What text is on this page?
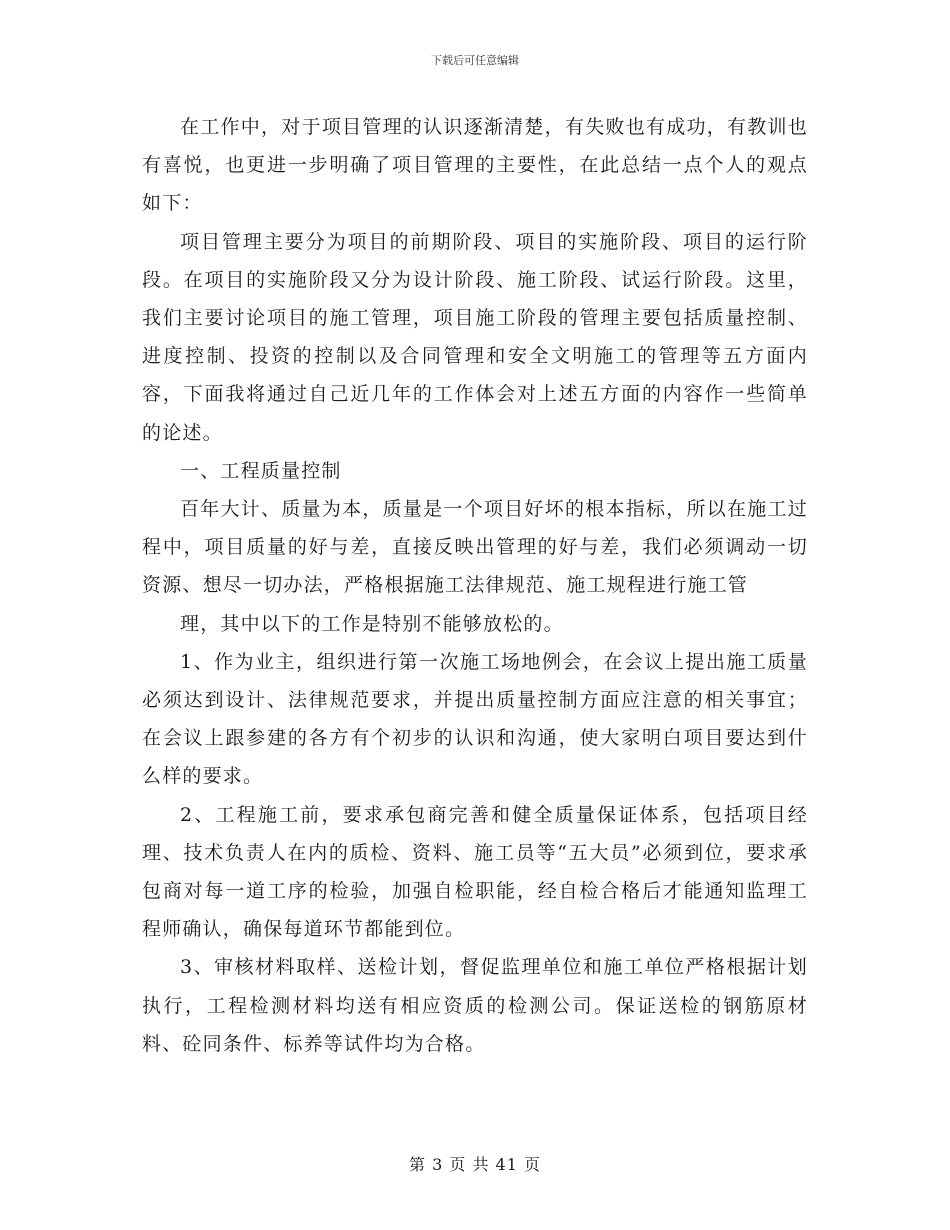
下载后可任意编辑

在工作中，对于项目管理的认识逐渐清楚，有失败也有成功，有教训也有喜悦，也更进一步明确了项目管理的主要性，在此总结一点个人的观点如下：

项目管理主要分为项目的前期阶段、项目的实施阶段、项目的运行阶段。在项目的实施阶段又分为设计阶段、施工阶段、试运行阶段。这里，我们主要讨论项目的施工管理，项目施工阶段的管理主要包括质量控制、进度控制、投资的控制以及合同管理和安全文明施工的管理等五方面内容，下面我将通过自己近几年的工作体会对上述五方面的内容作一些简单的论述。

一、工程质量控制

百年大计、质量为本，质量是一个项目好坏的根本指标，所以在施工过程中，项目质量的好与差，直接反映出管理的好与差，我们必须调动一切资源、想尽一切办法，严格根据施工法律规范、施工规程进行施工管

理，其中以下的工作是特别不能够放松的。

1、作为业主，组织进行第一次施工场地例会，在会议上提出施工质量必须达到设计、法律规范要求，并提出质量控制方面应注意的相关事宜；在会议上跟参建的各方有个初步的认识和沟通，使大家明白项目要达到什么样的要求。

2、工程施工前，要求承包商完善和健全质量保证体系，包括项目经理、技术负责人在内的质检、资料、施工员等“五大员”必须到位，要求承包商对每一道工序的检验，加强自检职能，经自检合格后才能通知监理工程师确认，确保每道环节都能到位。

3、审核材料取样、送检计划，督促监理单位和施工单位严格根据计划执行，工程检测材料均送有相应资质的检测公司。保证送检的钢筋原材料、砼同条件、标养等试件均为合格。

第 3 页 共 41 页
